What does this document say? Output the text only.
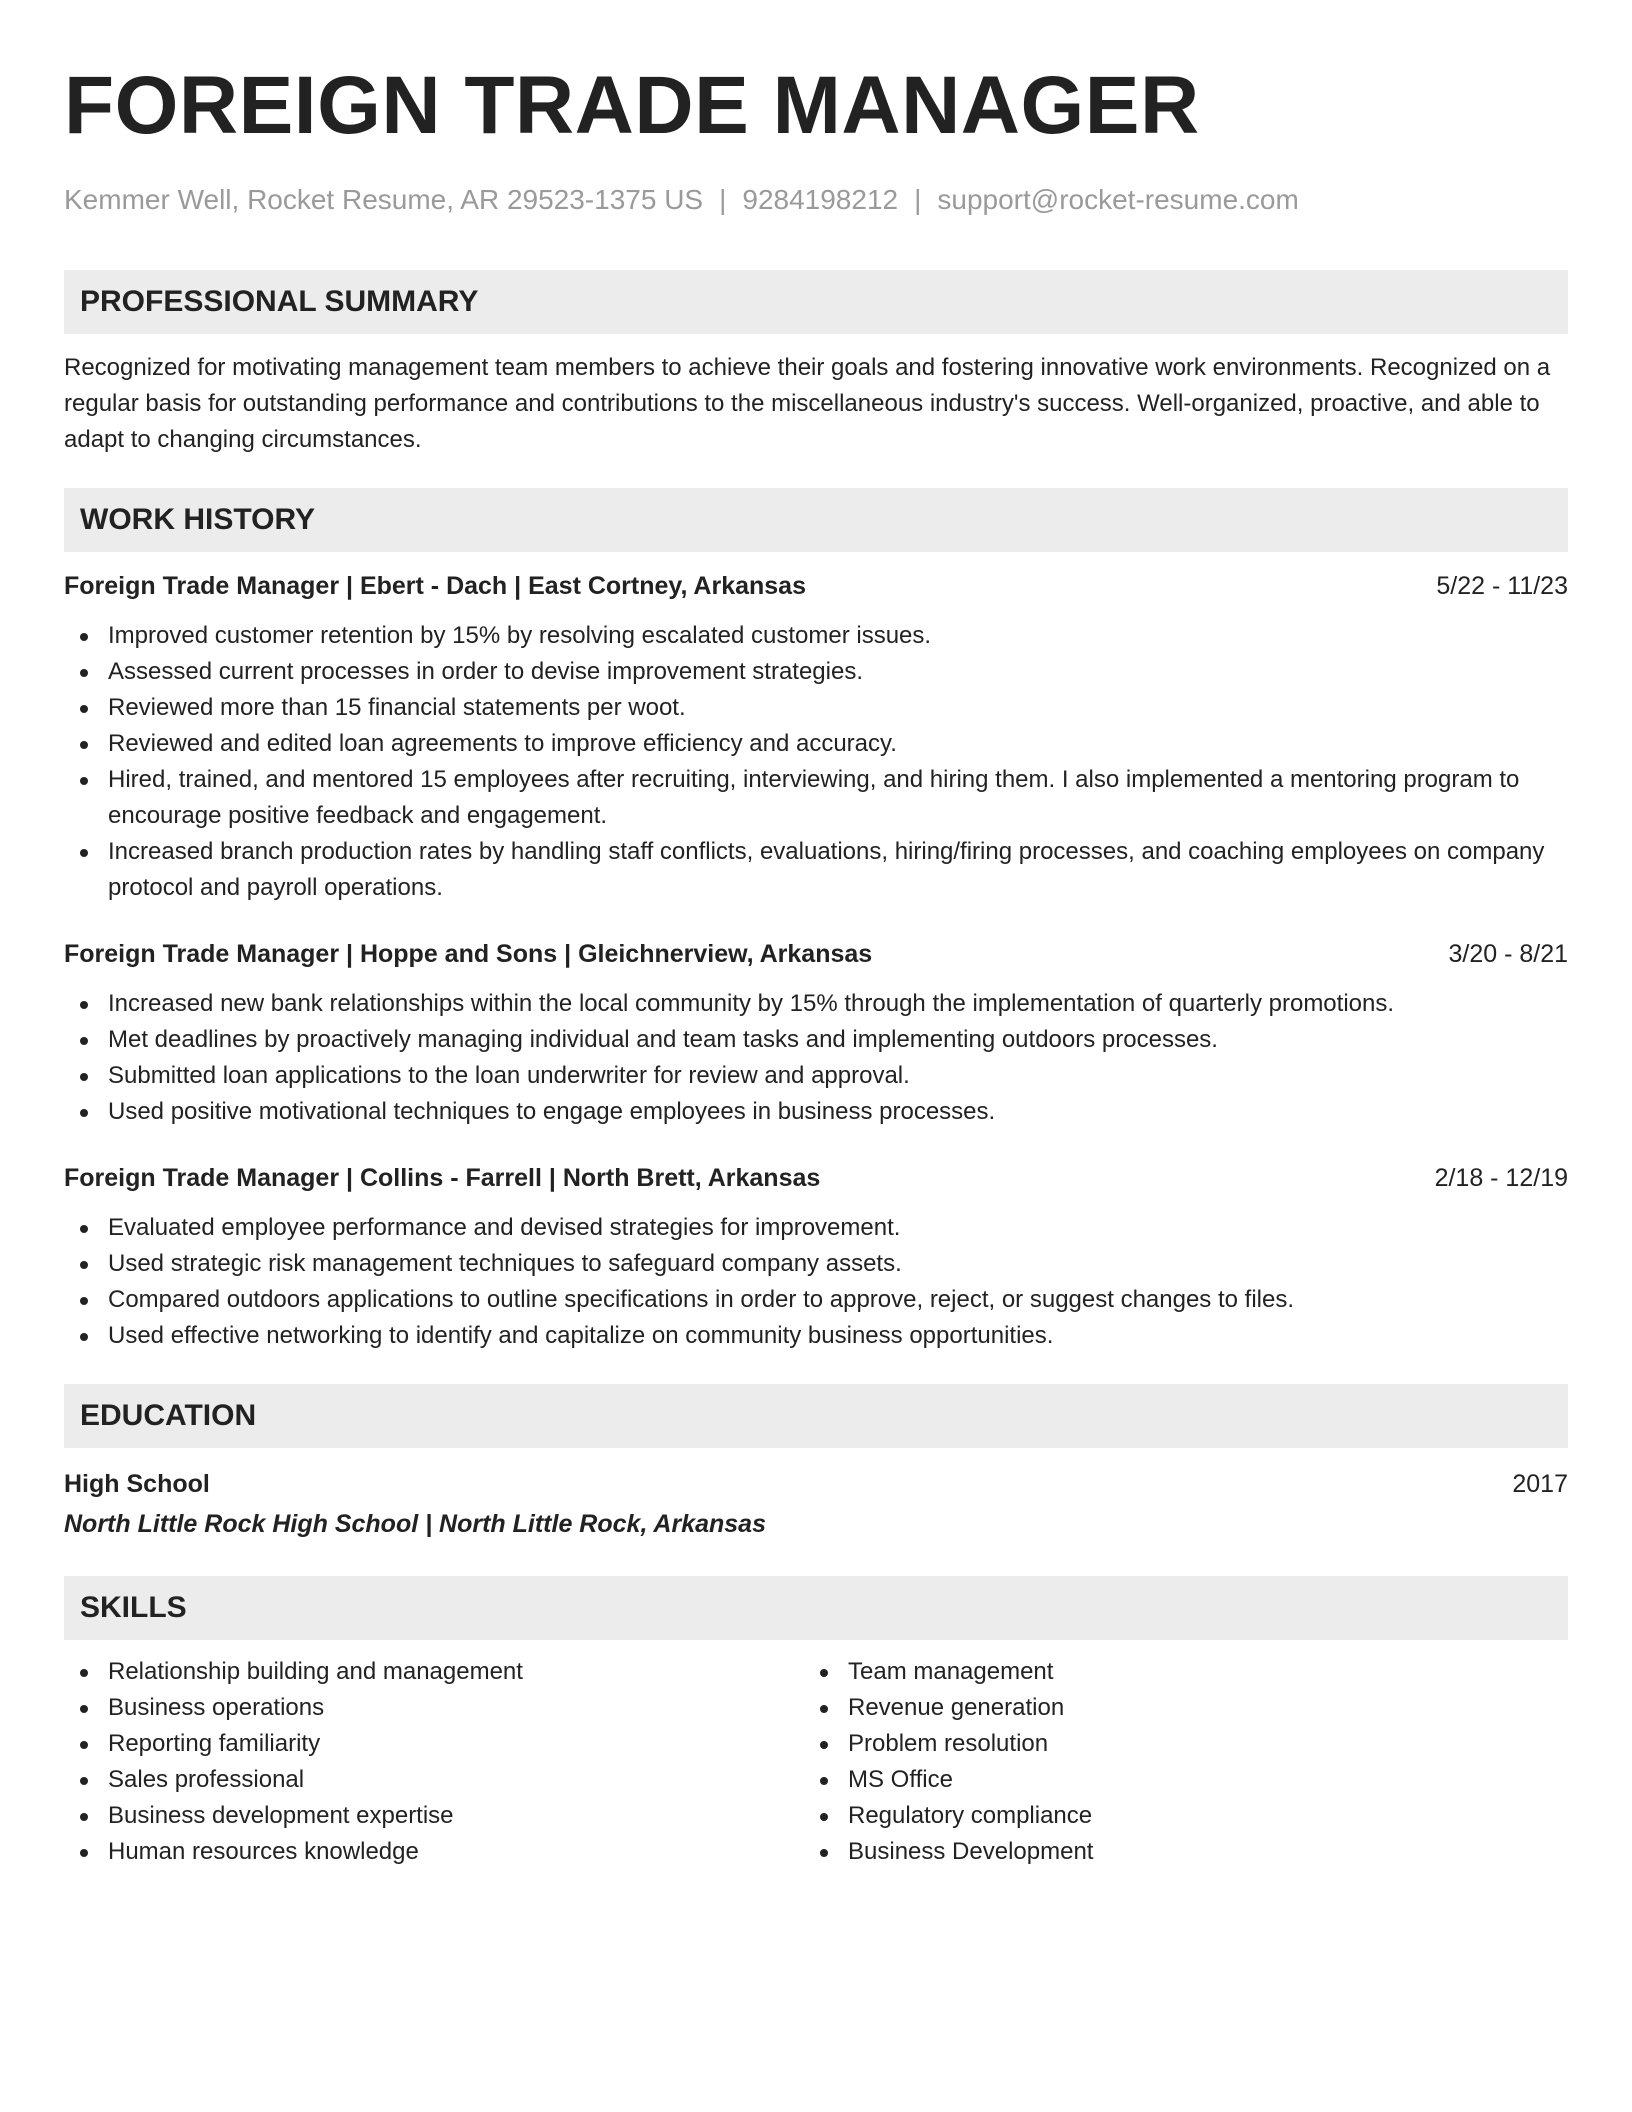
FOREIGN TRADE MANAGER
Kemmer Well, Rocket Resume, AR 29523-1375 US | 9284198212 | support@rocket-resume.com
PROFESSIONAL SUMMARY

Recognized for motivating management team members to achieve their goals and fostering innovative work environments. Recognized on a regular basis for outstanding performance and contributions to the miscellaneous industry's success. Well-organized, proactive, and able to adapt to changing circumstances.

WORK HISTORY
Foreign Trade Manager | Ebert - Dach | East Cortney, Arkansas	5/22 - 11/23
Improved customer retention by 15% by resolving escalated customer issues.
Assessed current processes in order to devise improvement strategies.
Reviewed more than 15 financial statements per woot.
Reviewed and edited loan agreements to improve efficiency and accuracy.
Hired, trained, and mentored 15 employees after recruiting, interviewing, and hiring them. I also implemented a mentoring program to encourage positive feedback and engagement.
Increased branch production rates by handling staff conflicts, evaluations, hiring/firing processes, and coaching employees on company protocol and payroll operations.
Foreign Trade Manager | Hoppe and Sons | Gleichnerview, Arkansas	3/20 - 8/21
Increased new bank relationships within the local community by 15% through the implementation of quarterly promotions.
Met deadlines by proactively managing individual and team tasks and implementing outdoors processes.
Submitted loan applications to the loan underwriter for review and approval.
Used positive motivational techniques to engage employees in business processes.
Foreign Trade Manager | Collins - Farrell | North Brett, Arkansas	2/18 - 12/19
Evaluated employee performance and devised strategies for improvement.
Used strategic risk management techniques to safeguard company assets.
Compared outdoors applications to outline specifications in order to approve, reject, or suggest changes to files.
Used effective networking to identify and capitalize on community business opportunities.
EDUCATION
High School	2017
North Little Rock High School | North Little Rock, Arkansas
SKILLS
Relationship building and management
Business operations
Reporting familiarity
Sales professional
Business development expertise
Human resources knowledge
Team management
Revenue generation
Problem resolution
MS Office
Regulatory compliance
Business Development
